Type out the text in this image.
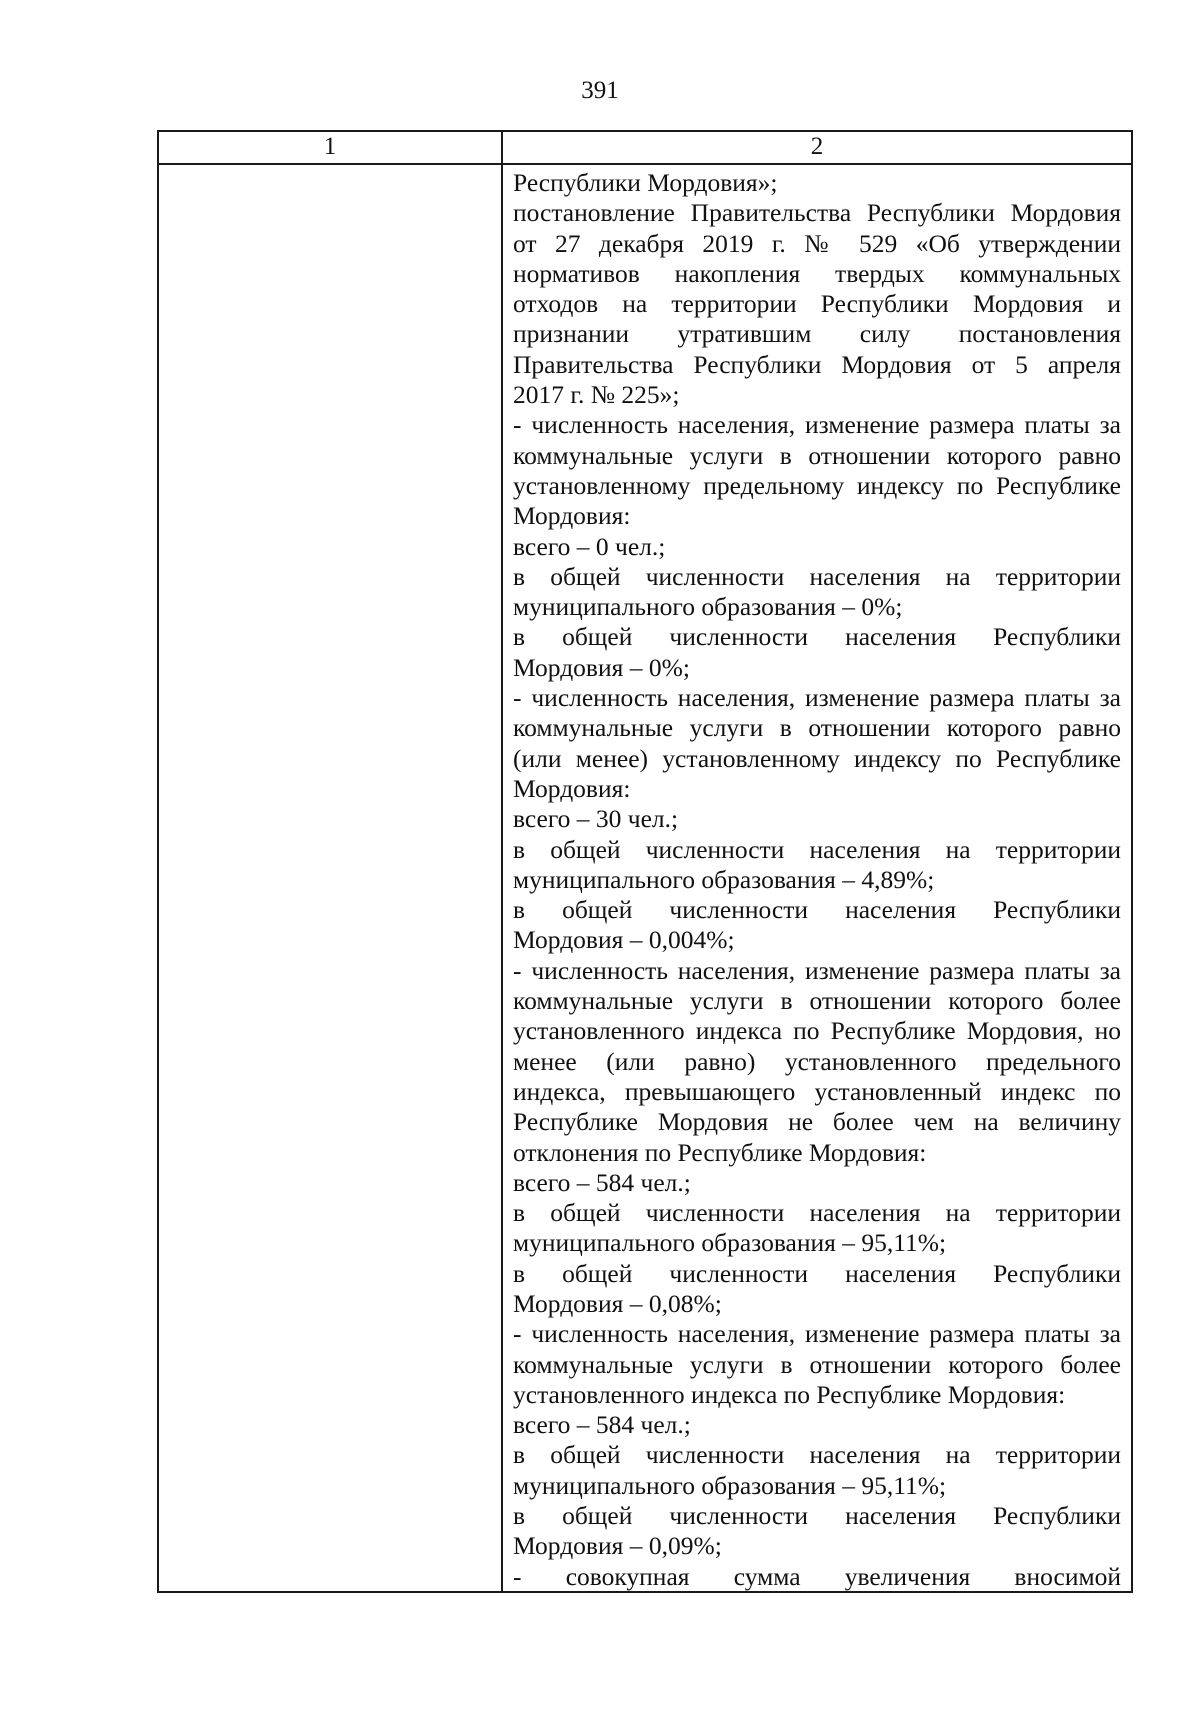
391
1	2
Республики Мордовия»;
постановление Правительства Республики Мордовия
от 27 декабря 2019 г. № 529 «Об утверждении
нормативов накопления твердых коммунальных
отходов на территории Республики Мордовия и
признании утратившим силу постановления
Правительства Республики Мордовия от 5 апреля
2017 г. № 225»;
- численность населения, изменение размера платы за
коммунальные услуги в отношении которого равно
установленному предельному индексу по Республике
Мордовия:
всего – 0 чел.;
в общей численности населения на территории
муниципального образования – 0%;
в общей численности населения Республики
Мордовия – 0%;
- численность населения, изменение размера платы за
коммунальные услуги в отношении которого равно
(или менее) установленному индексу по Республике
Мордовия:
всего – 30 чел.;
в общей численности населения на территории
муниципального образования – 4,89%;
в общей численности населения Республики
Мордовия – 0,004%;
- численность населения, изменение размера платы за
коммунальные услуги в отношении которого более
установленного индекса по Республике Мордовия, но
менее (или равно) установленного предельного
индекса, превышающего установленный индекс по
Республике Мордовия не более чем на величину
отклонения по Республике Мордовия:
всего – 584 чел.;
в общей численности населения на территории
муниципального образования – 95,11%;
в общей численности населения Республики
Мордовия – 0,08%;
- численность населения, изменение размера платы за
коммунальные услуги в отношении которого более
установленного индекса по Республике Мордовия:
всего – 584 чел.;
в общей численности населения на территории
муниципального образования – 95,11%;
в общей численности населения Республики
Мордовия – 0,09%;
- совокупная сумма увеличения вносимой
